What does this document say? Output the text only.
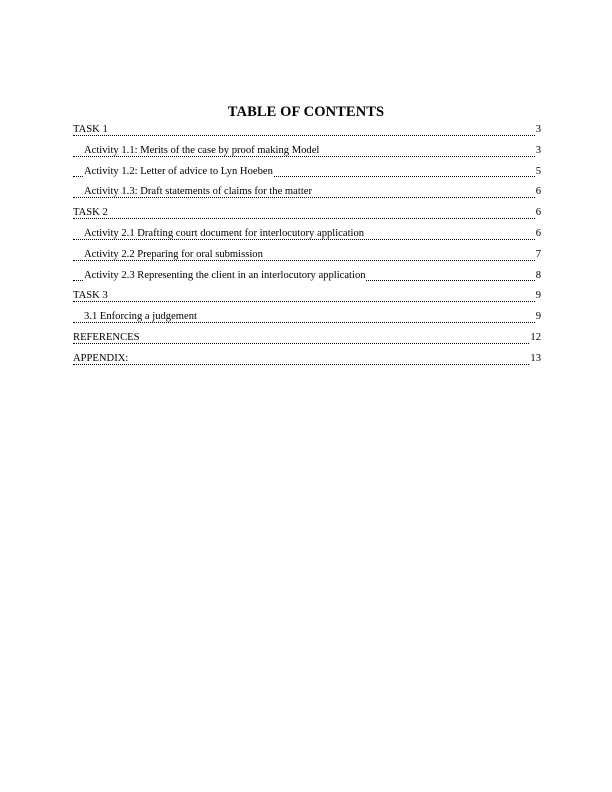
TABLE OF CONTENTS
TASK 1	3
Activity 1.1: Merits of the case by proof making Model	3
Activity 1.2: Letter of advice to Lyn Hoeben	5
Activity 1.3: Draft statements of claims for the matter	6
TASK 2	6
Activity 2.1 Drafting court document for interlocutory application	6
Activity 2.2 Preparing for oral submission	7
Activity 2.3 Representing the client in an interlocutory application	8
TASK 3	9
3.1 Enforcing a judgement	9
REFERENCES	12
APPENDIX:	13
